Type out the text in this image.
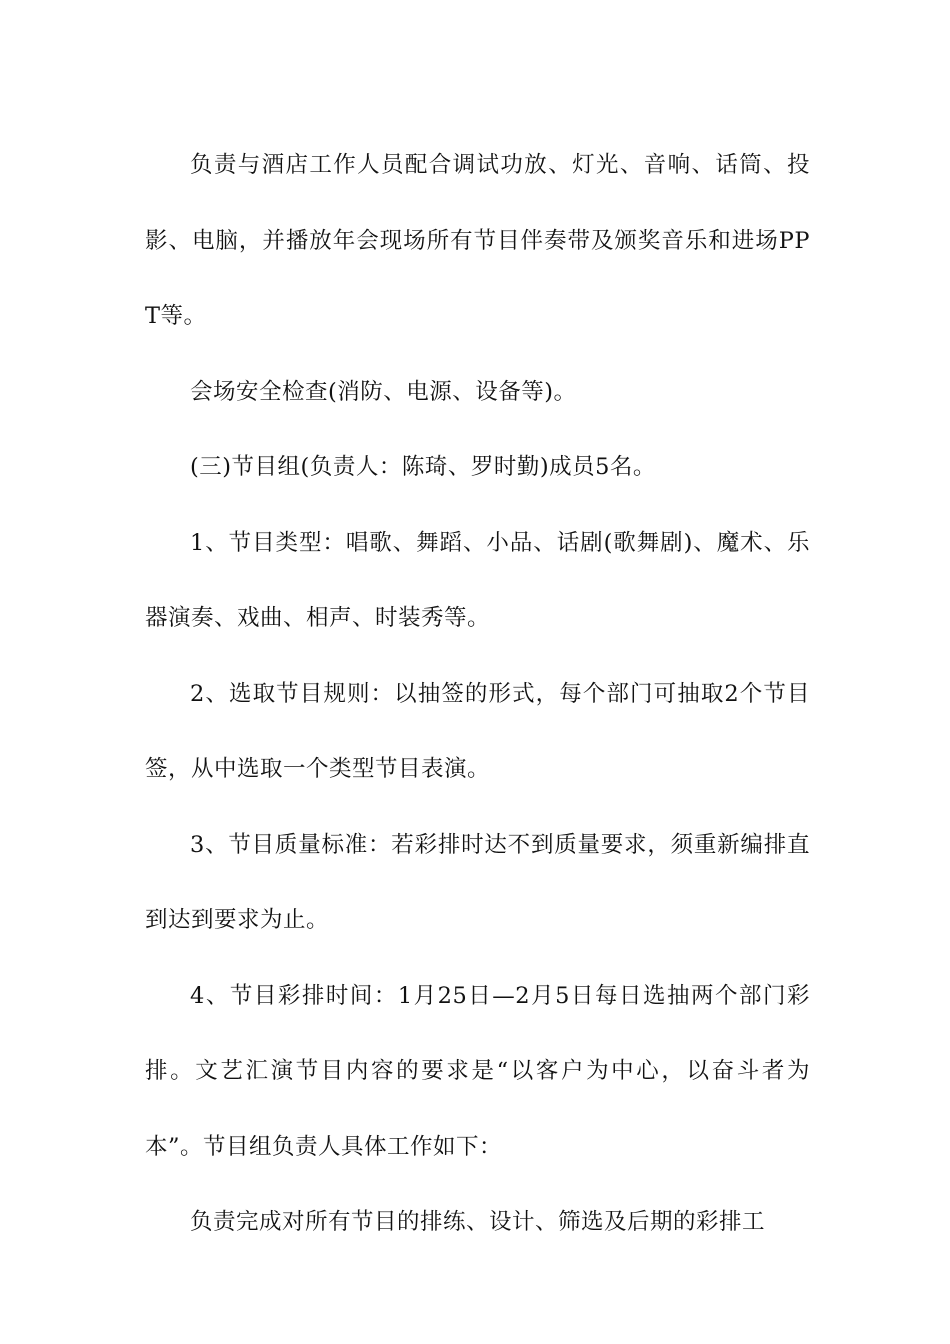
负责与酒店工作人员配合调试功放、灯光、音响、话筒、投影、电脑，并播放年会现场所有节目伴奏带及颁奖音乐和进场PPT等。

会场安全检查(消防、电源、设备等)。

(三)节目组(负责人：陈琦、罗时勤)成员5名。

1、节目类型：唱歌、舞蹈、小品、话剧(歌舞剧)、魔术、乐器演奏、戏曲、相声、时装秀等。

2、选取节目规则：以抽签的形式，每个部门可抽取2个节目签，从中选取一个类型节目表演。

3、节目质量标准：若彩排时达不到质量要求，须重新编排直到达到要求为止。

4、节目彩排时间：1月25日—2月5日每日选抽两个部门彩排。文艺汇演节目内容的要求是“以客户为中心，以奋斗者为本”。节目组负责人具体工作如下：

负责完成对所有节目的排练、设计、筛选及后期的彩排工
